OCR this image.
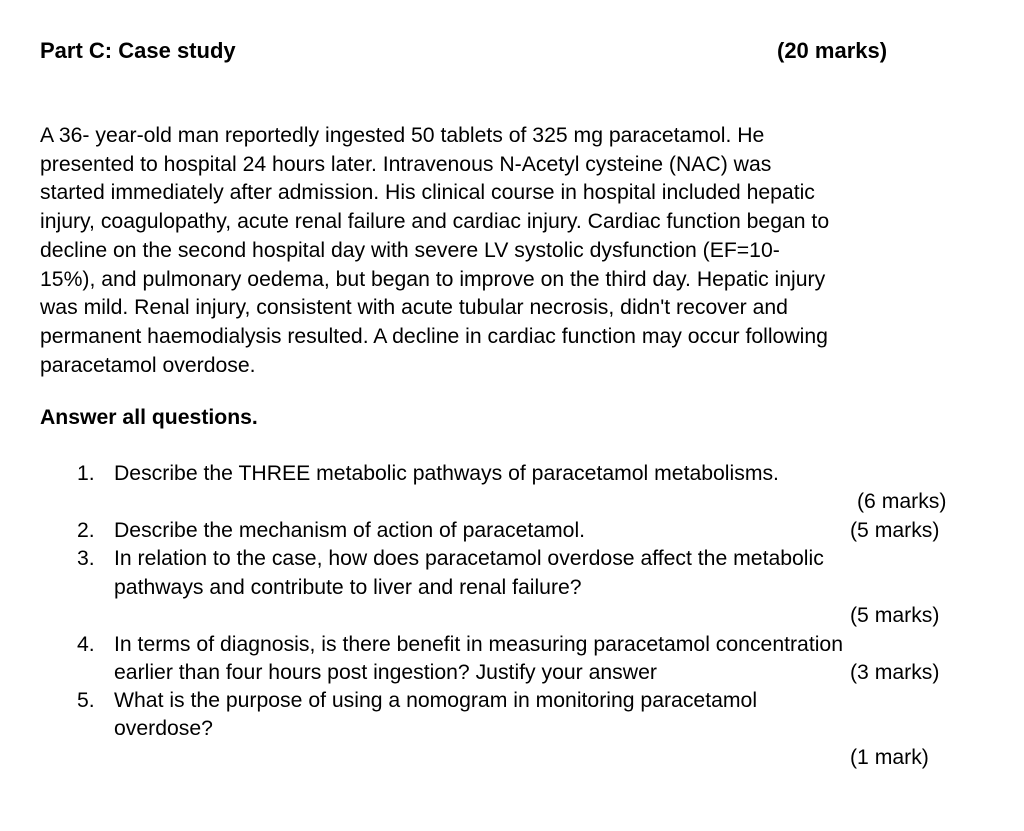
Part C: Case study	(20 marks)

A 36- year-old man reportedly ingested 50 tablets of 325 mg paracetamol. He
presented to hospital 24 hours later. Intravenous N-Acetyl cysteine (NAC) was
started immediately after admission. His clinical course in hospital included hepatic
injury, coagulopathy, acute renal failure and cardiac injury. Cardiac function began to
decline on the second hospital day with severe LV systolic dysfunction (EF=10-
15%), and pulmonary oedema, but began to improve on the third day. Hepatic injury
was mild. Renal injury, consistent with acute tubular necrosis, didn't recover and
permanent haemodialysis resulted. A decline in cardiac function may occur following
paracetamol overdose.

Answer all questions.
1. Describe the THREE metabolic pathways of paracetamol metabolisms.
(6 marks)
2. Describe the mechanism of action of paracetamol.	(5 marks)
3. In relation to the case, how does paracetamol overdose affect the metabolic
pathways and contribute to liver and renal failure?
(5 marks)
4. In terms of diagnosis, is there benefit in measuring paracetamol concentration
earlier than four hours post ingestion? Justify your answer	(3 marks)
5. What is the purpose of using a nomogram in monitoring paracetamol
overdose?
(1 mark)
